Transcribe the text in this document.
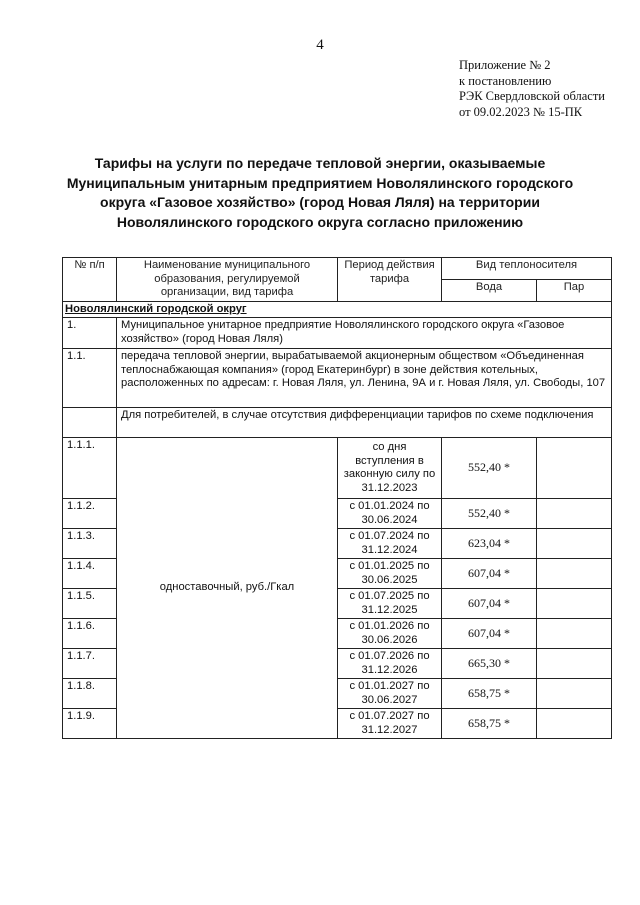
4
Приложение № 2
к постановлению
РЭК Свердловской области
от 09.02.2023 № 15-ПК
Тарифы на услуги по передаче тепловой энергии, оказываемые
Муниципальным унитарным предприятием Новолялинского городского
округа «Газовое хозяйство» (город Новая Ляля) на территории
Новолялинского городского округа согласно приложению
№ п/п	Наименование муниципального образования, регулируемой организации, вид тарифа	Период действия тарифа	Вид теплоносителя	
			Вода	Пар
Новолялинский городской округ				
1.	Муниципальное унитарное предприятие Новолялинского городского округа «Газовое хозяйство» (город Новая Ляля)			
1.1.	передача тепловой энергии, вырабатываемой акционерным обществом «Объединенная теплоснабжающая компания» (город Екатеринбург) в зоне действия котельных, расположенных по адресам: г. Новая Ляля, ул. Ленина, 9А и г. Новая Ляля, ул. Свободы, 107			
	Для потребителей, в случае отсутствия дифференциации тарифов по схеме подключения			
1.1.1.	одноставочный, руб./Гкал	со дня вступления в законную силу по 31.12.2023	552,40 *	
1.1.2.		с 01.01.2024 по 30.06.2024	552,40 *	
1.1.3.		с 01.07.2024 по 31.12.2024	623,04 *	
1.1.4.		с 01.01.2025 по 30.06.2025	607,04 *	
1.1.5.		с 01.07.2025 по 31.12.2025	607,04 *	
1.1.6.		с 01.01.2026 по 30.06.2026	607,04 *	
1.1.7.		с 01.07.2026 по 31.12.2026	665,30 *	
1.1.8.		с 01.01.2027 по 30.06.2027	658,75 *	
1.1.9.		с 01.07.2027 по 31.12.2027	658,75 *	
